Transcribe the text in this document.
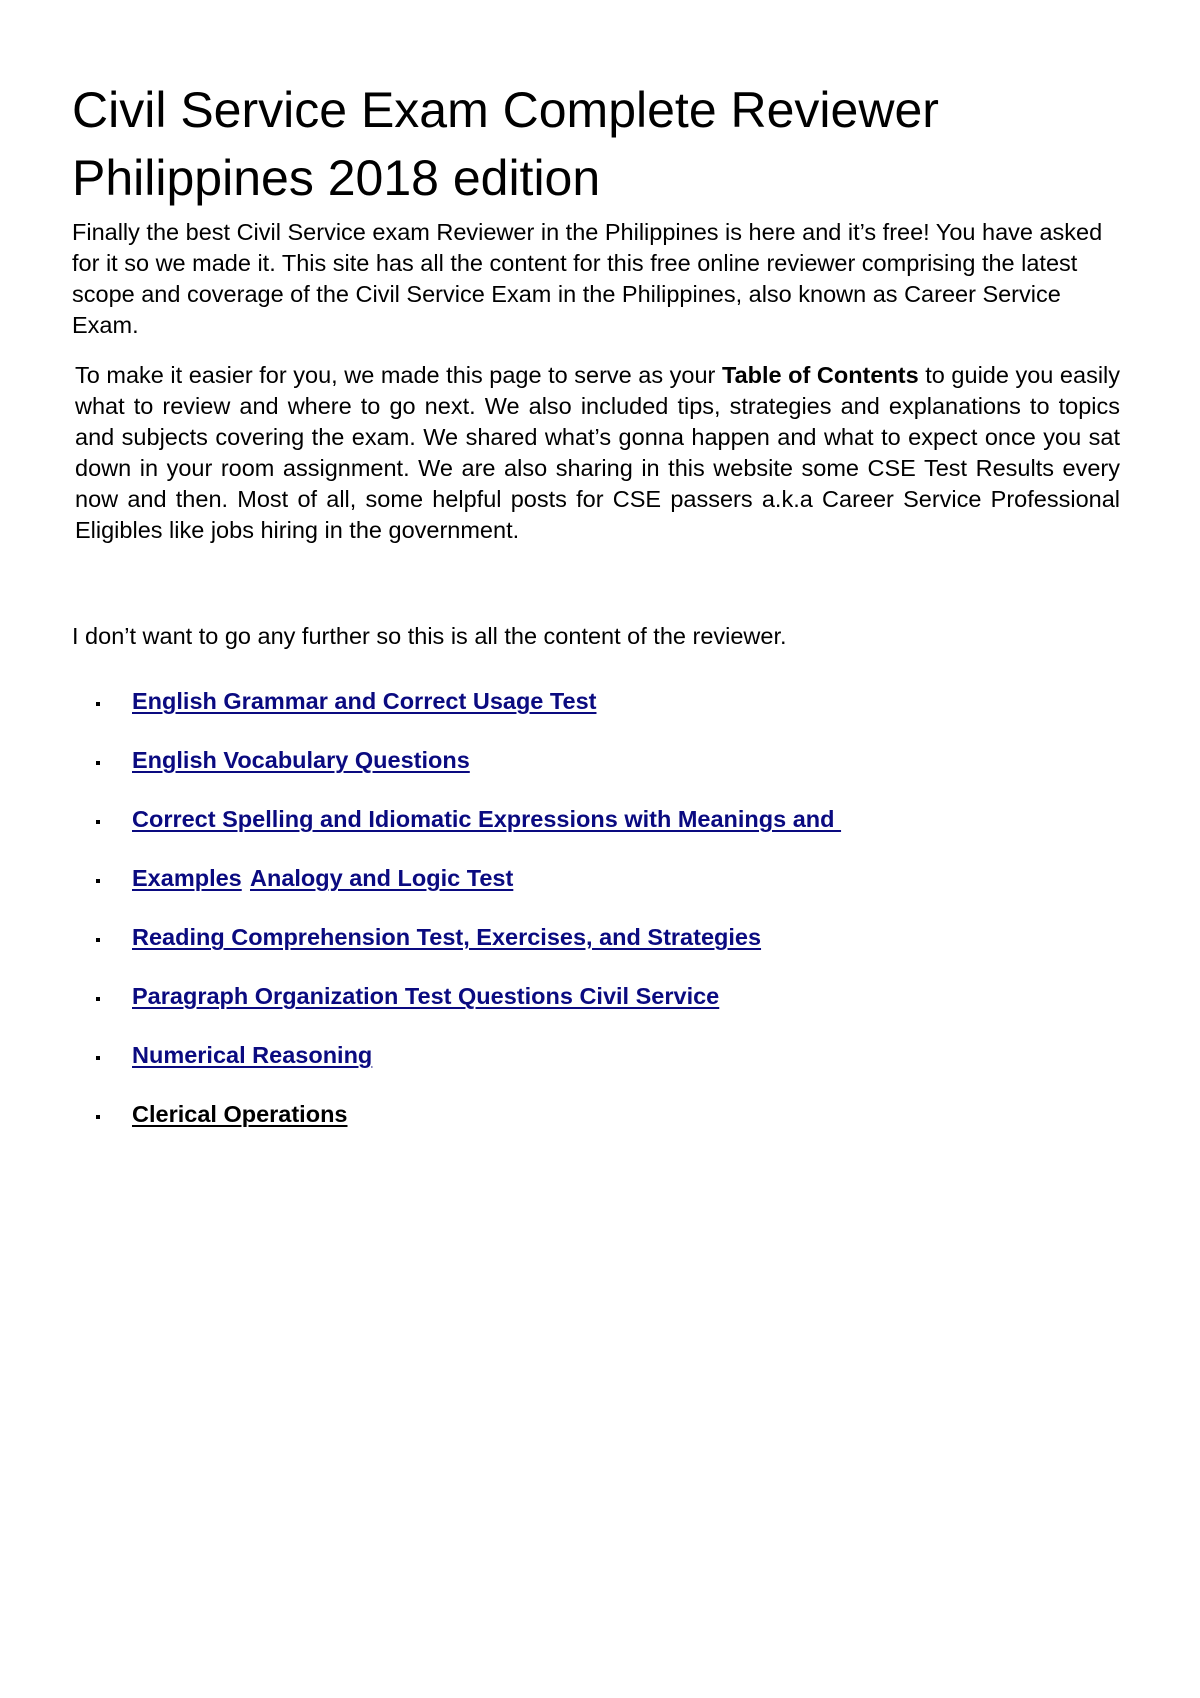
Civil Service Exam Complete Reviewer Philippines 2018 edition

Finally the best Civil Service exam Reviewer in the Philippines is here and it’s free! You have asked for it so we made it. This site has all the content for this free online reviewer comprising the latest scope and coverage of the Civil Service Exam in the Philippines, also known as Career Service Exam.

To make it easier for you, we made this page to serve as your Table of Contents to guide you easily what to review and where to go next. We also included tips, strategies and explanations to topics and subjects covering the exam. We shared what’s gonna happen and what to expect once you sat down in your room assignment. We are also sharing in this website some CSE Test Results every now and then. Most of all, some helpful posts for CSE passers a.k.a Career Service Professional Eligibles like jobs hiring in the government.

I don’t want to go any further so this is all the content of the reviewer.

English Grammar and Correct Usage Test
English Vocabulary Questions
Correct Spelling and Idiomatic Expressions with Meanings and
Examples Analogy and Logic Test
Reading Comprehension Test, Exercises, and Strategies
Paragraph Organization Test Questions Civil Service
Numerical Reasoning
Clerical Operations
